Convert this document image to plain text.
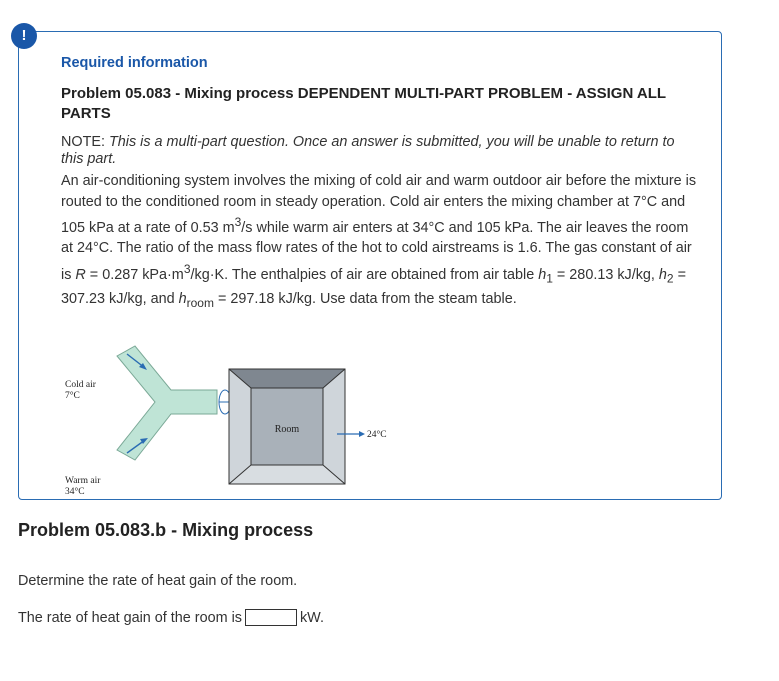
!
Required information
Problem 05.083 - Mixing process DEPENDENT MULTI-PART PROBLEM - ASSIGN ALL PARTS
NOTE: This is a multi-part question. Once an answer is submitted, you will be unable to return to this part.
An air-conditioning system involves the mixing of cold air and warm outdoor air before the mixture is routed to the conditioned room in steady operation. Cold air enters the mixing chamber at 7°C and 105 kPa at a rate of 0.53 $m^3/s$ while warm air enters at 34°C and 105 kPa. The air leaves the room at 24°C. The ratio of the mass flow rates of the hot to cold airstreams is 1.6. The gas constant of air is R = 0.287 $kPa\cdot m^3/kg\cdot K$. The enthalpies of air are obtained from air table $h_1 = 280.13$ kJ/kg, $h_2 = 307.23$ kJ/kg, and $h_{room} = 297.18$ kJ/kg. Use data from the steam table.
Cold air
7°C
Warm air
34°C
Room	24°C
Problem 05.083.b - Mixing process
Determine the rate of heat gain of the room.
The rate of heat gain of the room is	kW.
